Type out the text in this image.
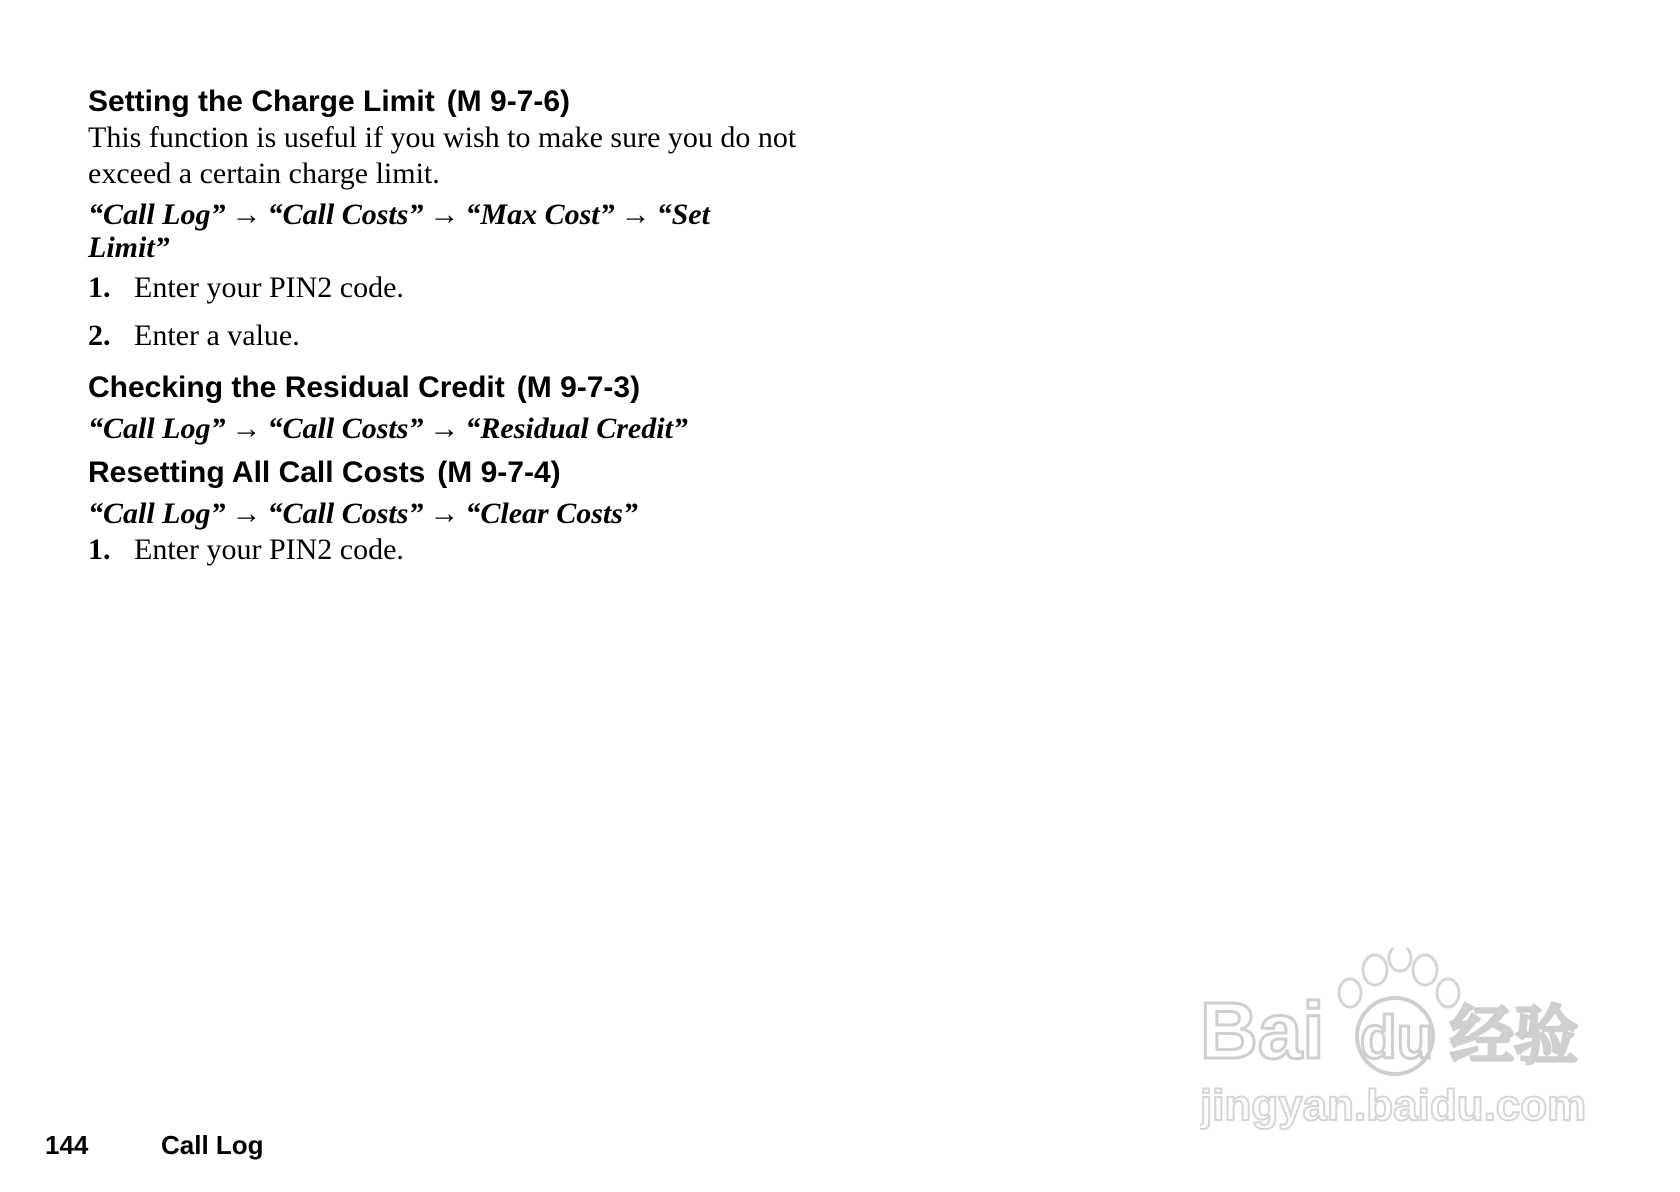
Setting the Charge Limit (M 9-7-6)

This function is useful if you wish to make sure you do not exceed a certain charge limit.

“Call Log” → “Call Costs” → “Max Cost” → “Set Limit”

1. Enter your PIN2 code.

2. Enter a value.

Checking the Residual Credit (M 9-7-3)

“Call Log” → “Call Costs” → “Residual Credit”

Resetting All Call Costs (M 9-7-4)

“Call Log” → “Call Costs” → “Clear Costs”

1. Enter your PIN2 code.

144	Call Log
Bai du 经验
jingyan.baidu.com
